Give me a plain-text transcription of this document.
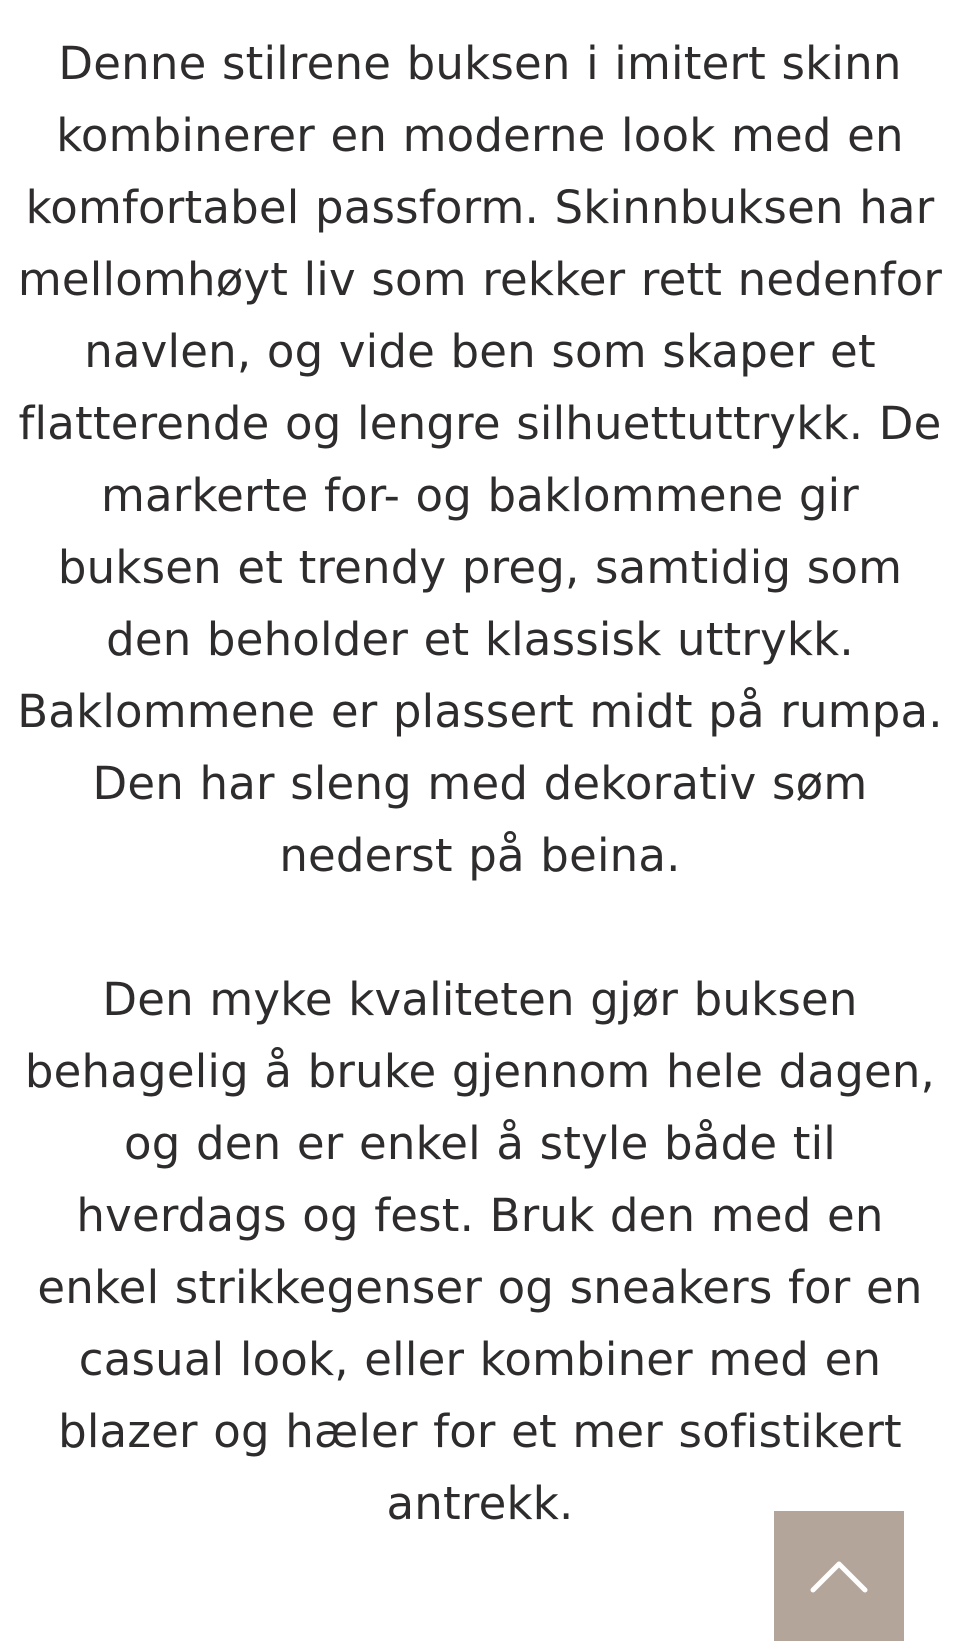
Denne stilrene buksen i imitert skinn kombinerer en moderne look med en komfortabel passform. Skinnbuksen har mellomhøyt liv som rekker rett nedenfor navlen, og vide ben som skaper et flatterende og lengre silhuettuttrykk. De markerte for- og baklommene gir buksen et trendy preg, samtidig som den beholder et klassisk uttrykk. Baklommene er plassert midt på rumpa. Den har sleng med dekorativ søm nederst på beina.

Den myke kvaliteten gjør buksen behagelig å bruke gjennom hele dagen, og den er enkel å style både til hverdags og fest. Bruk den med en enkel strikkegenser og sneakers for en casual look, eller kombiner med en blazer og hæler for et mer sofistikert antrekk.
